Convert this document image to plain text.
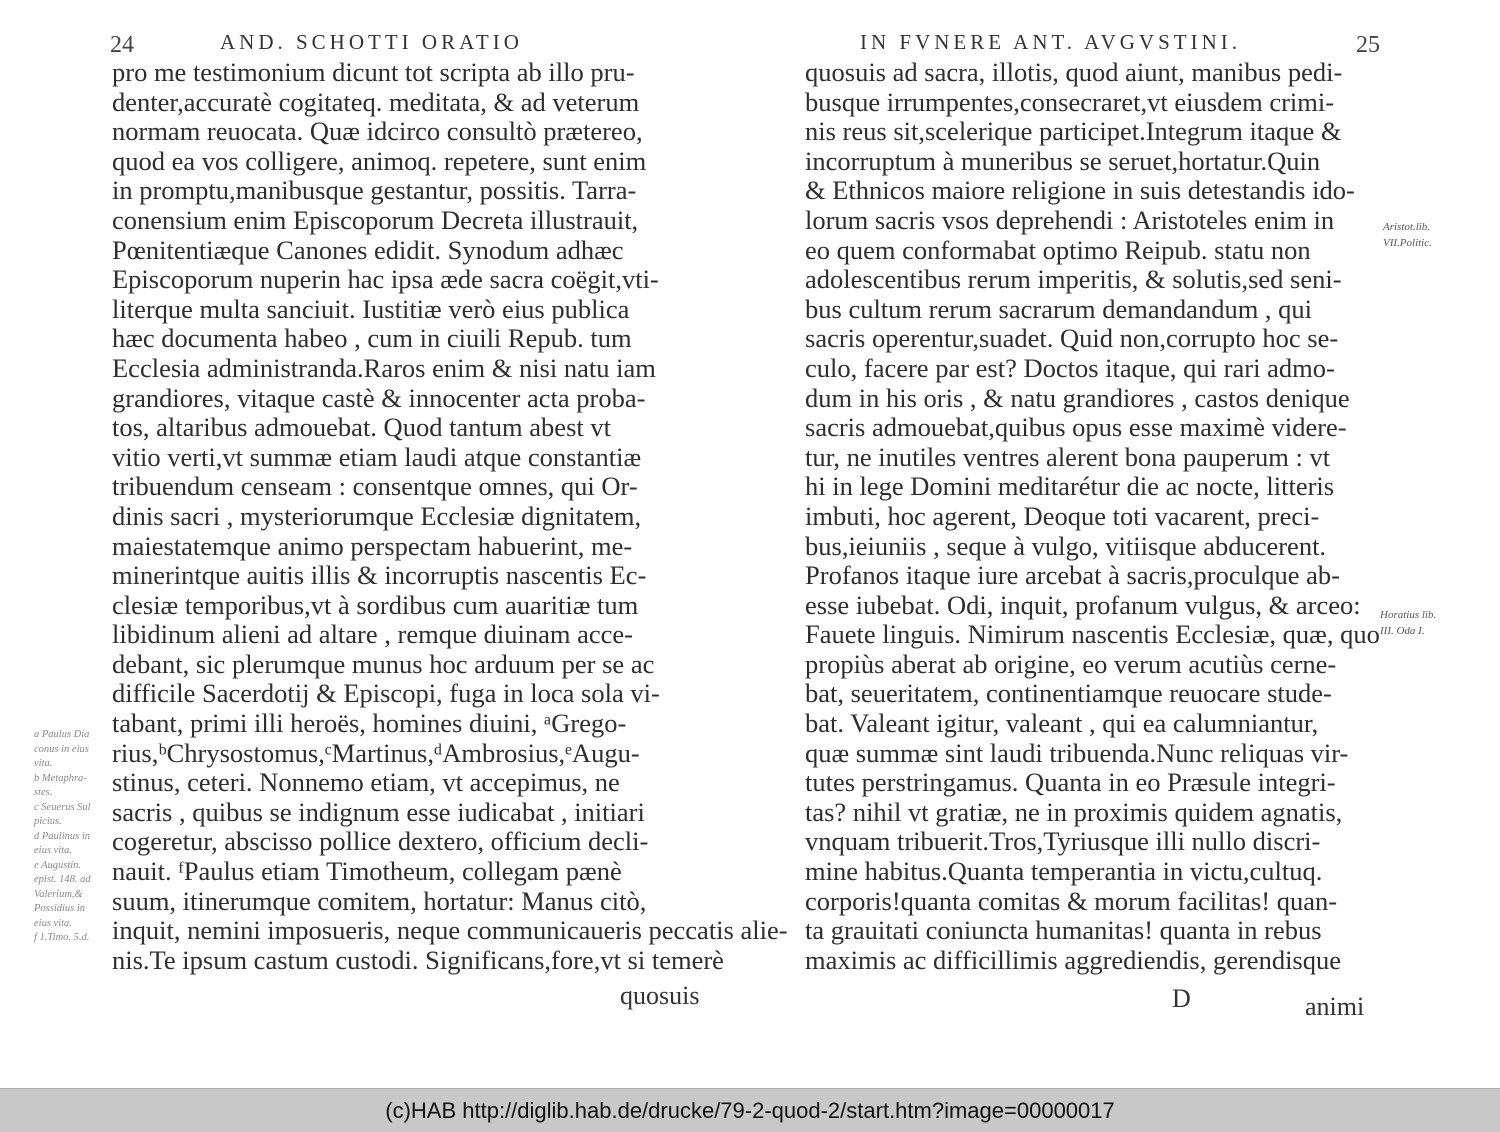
24	AND. SCHOTTI ORATIO
pro me testimonium dicunt tot scripta ab illo pru-
denter,accuratè cogitateq. meditata, & ad veterum
normam reuocata. Quæ idcirco consultò prætereo,
quod ea vos colligere, animoq. repetere, sunt enim
in promptu,manibusque gestantur, possitis. Tarra-
conensium enim Episcoporum Decreta illustrauit,
Pœnitentiæque Canones edidit. Synodum adhæc
Episcoporum nuperin hac ipsa æde sacra coëgit,vti-
literque multa sanciuit. Iustitiæ verò eius publica
hæc documenta habeo , cum in ciuili Repub. tum
Ecclesia administranda.Raros enim & nisi natu iam
grandiores, vitaque castè & innocenter acta proba-
tos, altaribus admouebat. Quod tantum abest vt
vitio verti,vt summæ etiam laudi atque constantiæ
tribuendum censeam : consentque omnes, qui Or-
dinis sacri , mysteriorumque Ecclesiæ dignitatem,
maiestatemque animo perspectam habuerint, me-
minerintque auitis illis & incorruptis nascentis Ec-
clesiæ temporibus,vt à sordibus cum auaritiæ tum
libidinum alieni ad altare , remque diuinam acce-
debant, sic plerumque munus hoc arduum per se ac
difficile Sacerdotij & Episcopi, fuga in loca sola vi-
tabant, primi illi heroës, homines diuini, ᵃGrego-
rius,ᵇChrysostomus,ᶜMartinus,ᵈAmbrosius,ᵉAugu-
stinus, ceteri. Nonnemo etiam, vt accepimus, ne
sacris , quibus se indignum esse iudicabat , initiari
cogeretur, abscisso pollice dextero, officium decli-
nauit. ᶠPaulus etiam Timotheum, collegam pænè
suum, itinerumque comitem, hortatur: Manus citò,
inquit, nemini imposueris, neque communicaueris peccatis alie-
nis.Te ipsum castum custodi. Significans,fore,vt si temerè
a Paulus Dia
conus in eius
vita.
b Metaphra-
stes.
c Seuerus Sul
picius.
d Paulinus in
eius vita.
e Augustin.
epist. 148. ad
Valerium,&
Possidius in
eius vita.
f 1.Timo. 5.d.
quosuis
IN FVNERE ANT. AVGVSTINI.	25
quosuis ad sacra, illotis, quod aiunt, manibus pedi-
busque irrumpentes,consecraret,vt eiusdem crimi-
nis reus sit,scelerique participet.Integrum itaque &
incorruptum à muneribus se seruet,hortatur.Quin
& Ethnicos maiore religione in suis detestandis ido-
lorum sacris vsos deprehendi : Aristoteles enim in
eo quem conformabat optimo Reipub. statu non
adolescentibus rerum imperitis, & solutis,sed seni-
bus cultum rerum sacrarum demandandum , qui
sacris operentur,suadet. Quid non,corrupto hoc se-
culo, facere par est? Doctos itaque, qui rari admo-
dum in his oris , & natu grandiores , castos denique
sacris admouebat,quibus opus esse maximè videre-
tur, ne inutiles ventres alerent bona pauperum : vt
hi in lege Domini meditarétur die ac nocte, litteris
imbuti, hoc agerent, Deoque toti vacarent, preci-
bus,ieiuniis , seque à vulgo, vitiisque abducerent.
Profanos itaque iure arcebat à sacris,proculque ab-
esse iubebat. Odi, inquit, profanum vulgus, & arceo:
Fauete linguis. Nimirum nascentis Ecclesiæ, quæ, quo
propiùs aberat ab origine, eo verum acutiùs cerne-
bat, seueritatem, continentiamque reuocare stude-
bat. Valeant igitur, valeant , qui ea calumniantur,
quæ summæ sint laudi tribuenda.Nunc reliquas vir-
tutes perstringamus. Quanta in eo Præsule integri-
tas? nihil vt gratiæ, ne in proximis quidem agnatis,
vnquam tribuerit.Tros,Tyriusque illi nullo discri-
mine habitus.Quanta temperantia in victu,cultuq.
corporis!quanta comitas & morum facilitas! quan-
ta grauitati coniuncta humanitas! quanta in rebus
maximis ac difficillimis aggrediendis, gerendisque
Aristot.lib.
VII.Politic.
Horatius lib.
III. Oda I.
D	animi
(c)HAB http://diglib.hab.de/drucke/79-2-quod-2/start.htm?image=00000017
